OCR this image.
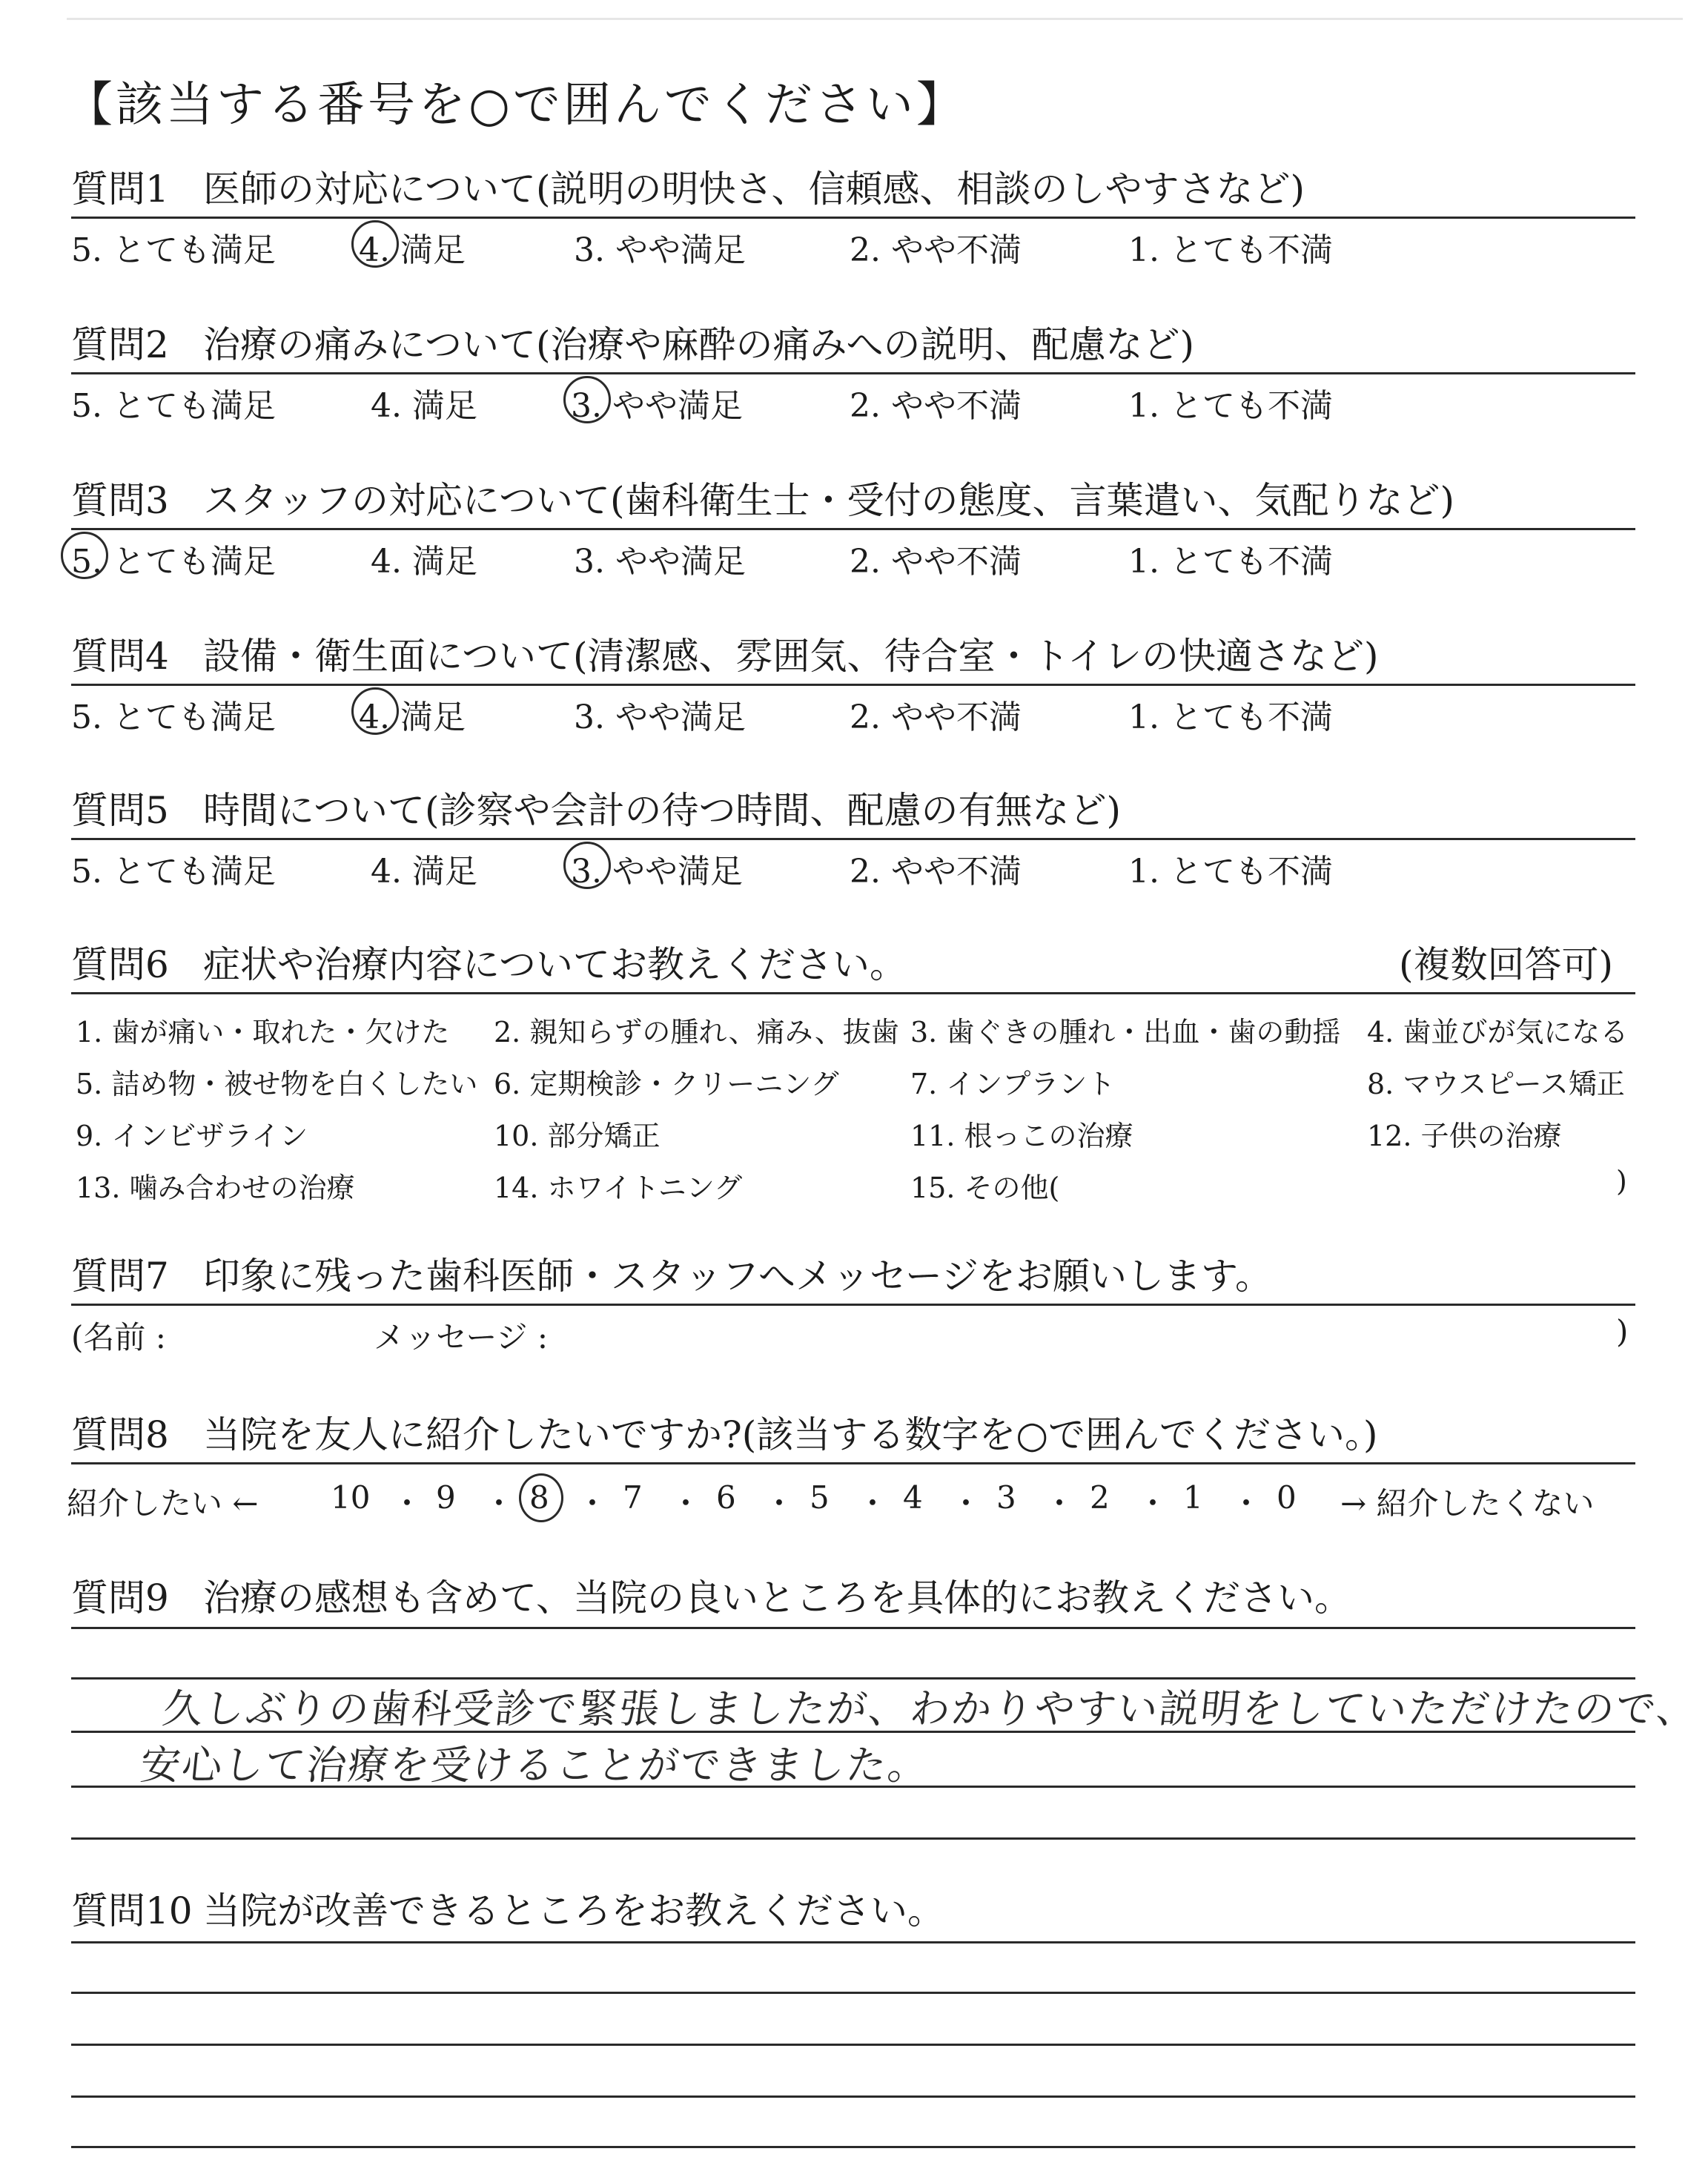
【該当する番号を○で囲んでください】
質問1 医師の対応について(説明の明快さ、信頼感、相談のしやすさなど)
5. とても満足	4. 満足	3. やや満足	2. やや不満	1. とても不満
質問2 治療の痛みについて(治療や麻酔の痛みへの説明、配慮など)
5. とても満足	4. 満足	3. やや満足	2. やや不満	1. とても不満
質問3 スタッフの対応について(歯科衛生士・受付の態度、言葉遣い、気配りなど)
5. とても満足	4. 満足	3. やや満足	2. やや不満	1. とても不満
質問4 設備・衛生面について(清潔感、雰囲気、待合室・トイレの快適さなど)
5. とても満足	4. 満足	3. やや満足	2. やや不満	1. とても不満
質問5 時間について(診察や会計の待つ時間、配慮の有無など)
5. とても満足	4. 満足	3. やや満足	2. やや不満	1. とても不満
質問6 症状や治療内容についてお教えください。	(複数回答可)
1. 歯が痛い・取れた・欠けた 2. 親知らずの腫れ、痛み、抜歯 3. 歯ぐきの腫れ・出血・歯の動揺 4. 歯並びが気になる
5. 詰め物・被せ物を白くしたい 6. 定期検診・クリーニング	7. インプラント	8. マウスピース矯正
9. インビザライン	10. 部分矯正	11. 根っこの治療	12. 子供の治療
13. 噛み合わせの治療	14. ホワイトニング	15. その他(	)
質問7 印象に残った歯科医師・スタッフへメッセージをお願いします。
(名前 :	メッセージ :	)
質問8 当院を友人に紹介したいですか?(該当する数字を○で囲んでください。)
紹介したい ← 10 ・ 9 ・ 8 ・ 7 ・ 6 ・ 5 ・ 4 ・ 3 ・ 2 ・ 1 ・ 0 → 紹介したくない
質問9 治療の感想も含めて、当院の良いところを具体的にお教えください。
久しぶりの歯科受診で緊張しましたが、わかりやすい説明をしていただけたので、
安心して治療を受けることができました。
質問10 当院が改善できるところをお教えください。
